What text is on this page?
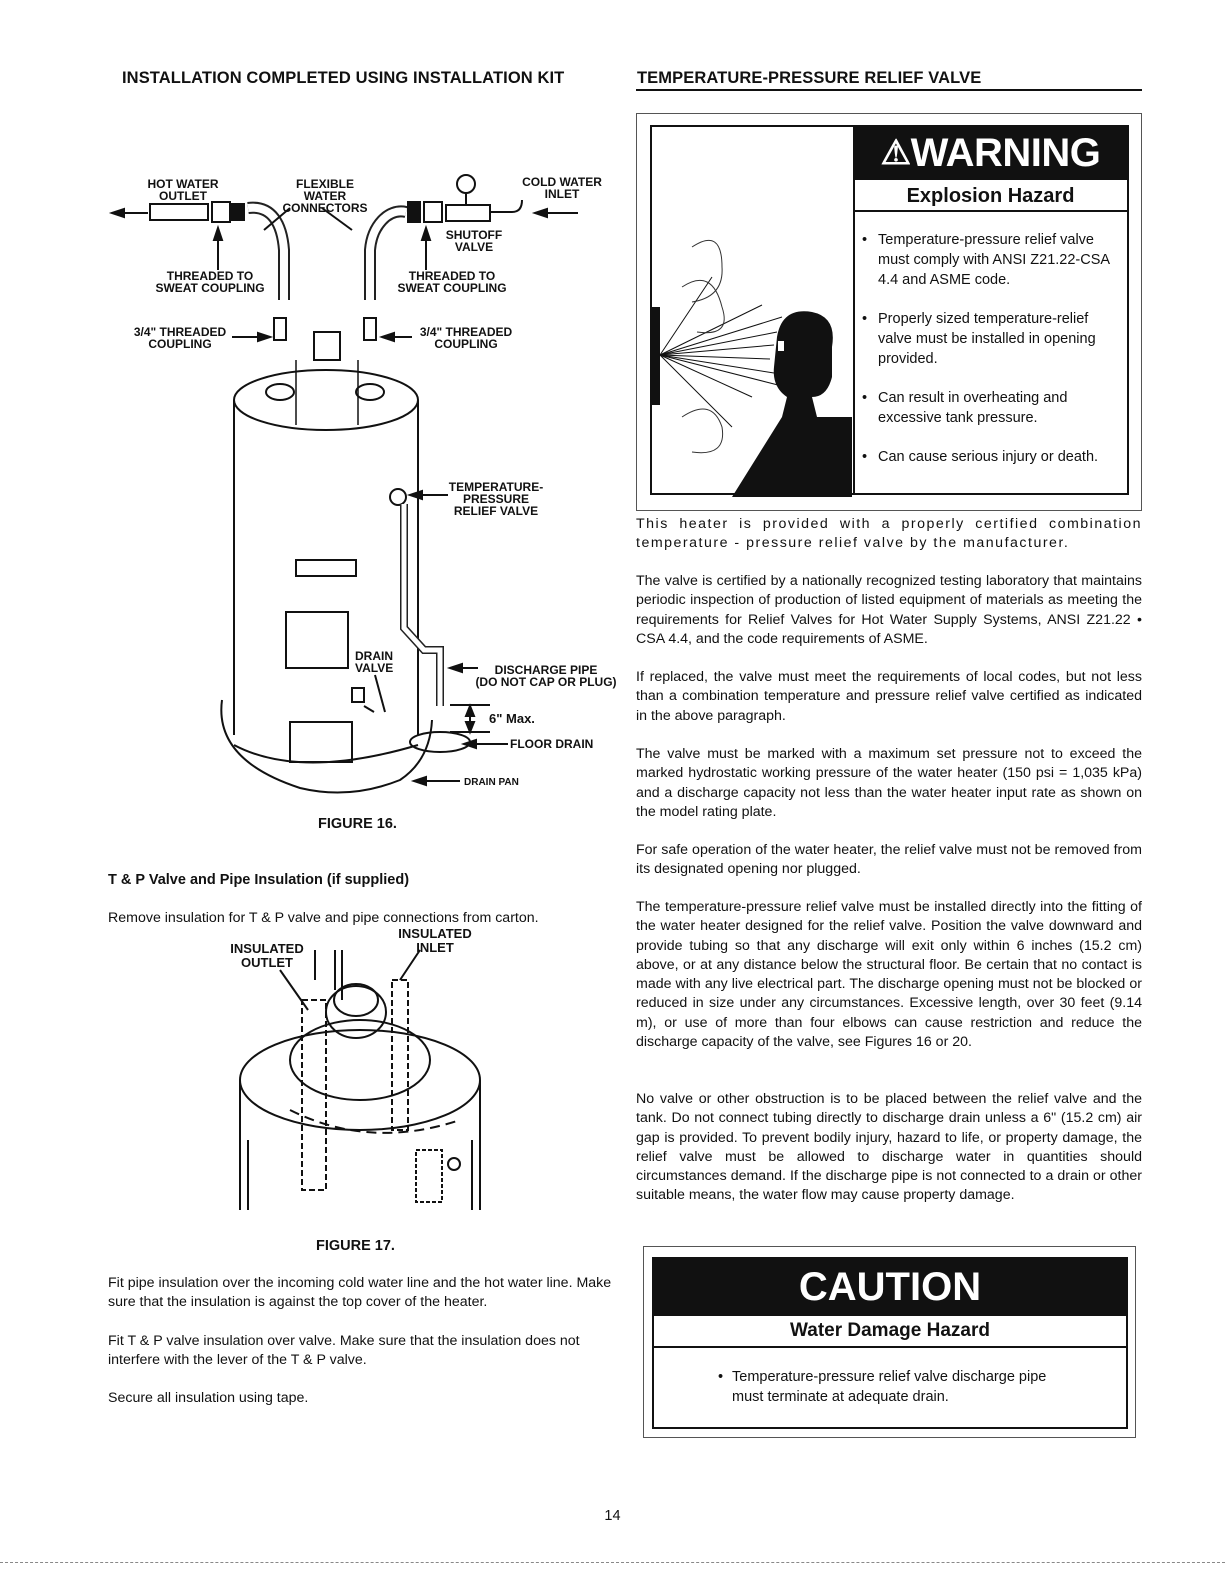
INSTALLATION COMPLETED USING INSTALLATION KIT	TEMPERATURE-PRESSURE RELIEF VALVE
HOT WATER
OUTLET
FLEXIBLE
WATER
CONNECTORS
COLD WATER
INLET
SHUTOFF
VALVE
THREADED TO
SWEAT COUPLING
THREADED TO
SWEAT COUPLING
3/4" THREADED
COUPLING
3/4" THREADED
COUPLING
TEMPERATURE-
PRESSURE
RELIEF VALVE
DRAIN
VALVE	DISCHARGE PIPE
(DO NOT CAP OR PLUG)
6" Max.
FLOOR DRAIN
DRAIN PAN
FIGURE 16.
T & P Valve and Pipe Insulation (if supplied)
Remove insulation for T & P valve and pipe connections from carton.
INSULATED
OUTLET
INSULATED
INLET
FIGURE 17.
Fit pipe insulation over the incoming cold water line and the hot water line. Make sure that the insulation is against the top cover of the heater.
Fit T & P valve insulation over valve. Make sure that the insulation does not interfere with the lever of the T & P valve.
Secure all insulation using tape.
⚠WARNING
Explosion Hazard
• Temperature-pressure relief valve must comply with ANSI Z21.22-CSA 4.4 and ASME code.
• Properly sized temperature-relief valve must be installed in opening provided.
• Can result in overheating and excessive tank pressure.
• Can cause serious injury or death.
This heater is provided with a properly certified combination temperature - pressure relief valve by the manufacturer.
The valve is certified by a nationally recognized testing laboratory that maintains periodic inspection of production of listed equipment of materials as meeting the requirements for Relief Valves for Hot Water Supply Systems, ANSI Z21.22 • CSA 4.4, and the code requirements of ASME.
If replaced, the valve must meet the requirements of local codes, but not less than a combination temperature and pressure relief valve certified as indicated in the above paragraph.
The valve must be marked with a maximum set pressure not to exceed the marked hydrostatic working pressure of the water heater (150 psi = 1,035 kPa) and a discharge capacity not less than the water heater input rate as shown on the model rating plate.
For safe operation of the water heater, the relief valve must not be removed from its designated opening nor plugged.
The temperature-pressure relief valve must be installed directly into the fitting of the water heater designed for the relief valve. Position the valve downward and provide tubing so that any discharge will exit only within 6 inches (15.2 cm) above, or at any distance below the structural floor. Be certain that no contact is made with any live electrical part. The discharge opening must not be blocked or reduced in size under any circumstances. Excessive length, over 30 feet (9.14 m), or use of more than four elbows can cause restriction and reduce the discharge capacity of the valve, see Figures 16 or 20.
No valve or other obstruction is to be placed between the relief valve and the tank. Do not connect tubing directly to discharge drain unless a 6" (15.2 cm) air gap is provided. To prevent bodily injury, hazard to life, or property damage, the relief valve must be allowed to discharge water in quantities should circumstances demand. If the discharge pipe is not connected to a drain or other suitable means, the water flow may cause property damage.
CAUTION
Water Damage Hazard
• Temperature-pressure relief valve discharge pipe must terminate at adequate drain.
14
